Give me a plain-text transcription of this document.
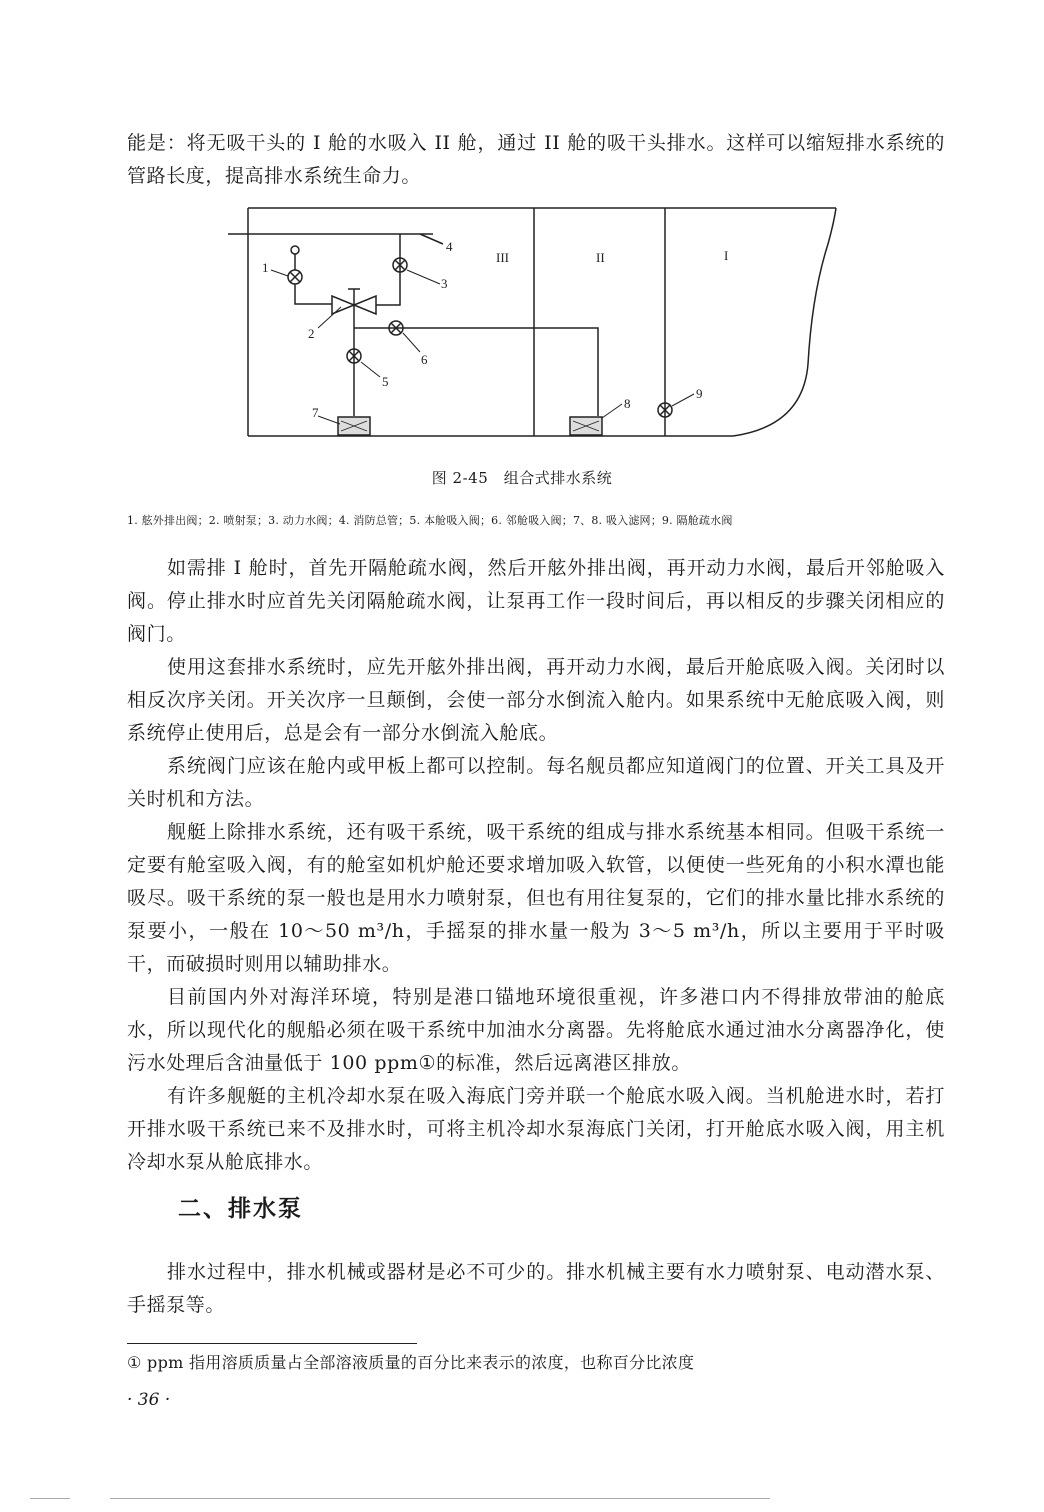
能是：将无吸干头的 I 舱的水吸入 II 舱，通过 II 舱的吸干头排水。这样可以缩短排水系统的管路长度，提高排水系统生命力。

III	II	I
1
2
3
4
5
6
7
8
9
图 2-45　组合式排水系统
1. 舷外排出阀；2. 喷射泵；3. 动力水阀；4. 消防总管；5. 本舱吸入阀；6. 邻舱吸入阀；7、8. 吸入滤网；9. 隔舱疏水阀

如需排 I 舱时，首先开隔舱疏水阀，然后开舷外排出阀，再开动力水阀，最后开邻舱吸入阀。停止排水时应首先关闭隔舱疏水阀，让泵再工作一段时间后，再以相反的步骤关闭相应的阀门。

使用这套排水系统时，应先开舷外排出阀，再开动力水阀，最后开舱底吸入阀。关闭时以相反次序关闭。开关次序一旦颠倒，会使一部分水倒流入舱内。如果系统中无舱底吸入阀，则系统停止使用后，总是会有一部分水倒流入舱底。

系统阀门应该在舱内或甲板上都可以控制。每名舰员都应知道阀门的位置、开关工具及开关时机和方法。

舰艇上除排水系统，还有吸干系统，吸干系统的组成与排水系统基本相同。但吸干系统一定要有舱室吸入阀，有的舱室如机炉舱还要求增加吸入软管，以便使一些死角的小积水潭也能吸尽。吸干系统的泵一般也是用水力喷射泵，但也有用往复泵的，它们的排水量比排水系统的泵要小，一般在 10～50 m³/h，手摇泵的排水量一般为 3～5 m³/h，所以主要用于平时吸干，而破损时则用以辅助排水。

目前国内外对海洋环境，特别是港口锚地环境很重视，许多港口内不得排放带油的舱底水，所以现代化的舰船必须在吸干系统中加油水分离器。先将舱底水通过油水分离器净化，使污水处理后含油量低于 100 ppm①的标准，然后远离港区排放。

有许多舰艇的主机冷却水泵在吸入海底门旁并联一个舱底水吸入阀。当机舱进水时，若打开排水吸干系统已来不及排水时，可将主机冷却水泵海底门关闭，打开舱底水吸入阀，用主机冷却水泵从舱底排水。

二、排水泵

排水过程中，排水机械或器材是必不可少的。排水机械主要有水力喷射泵、电动潜水泵、手摇泵等。

① ppm 指用溶质质量占全部溶液质量的百分比来表示的浓度，也称百分比浓度
· 36 ·
